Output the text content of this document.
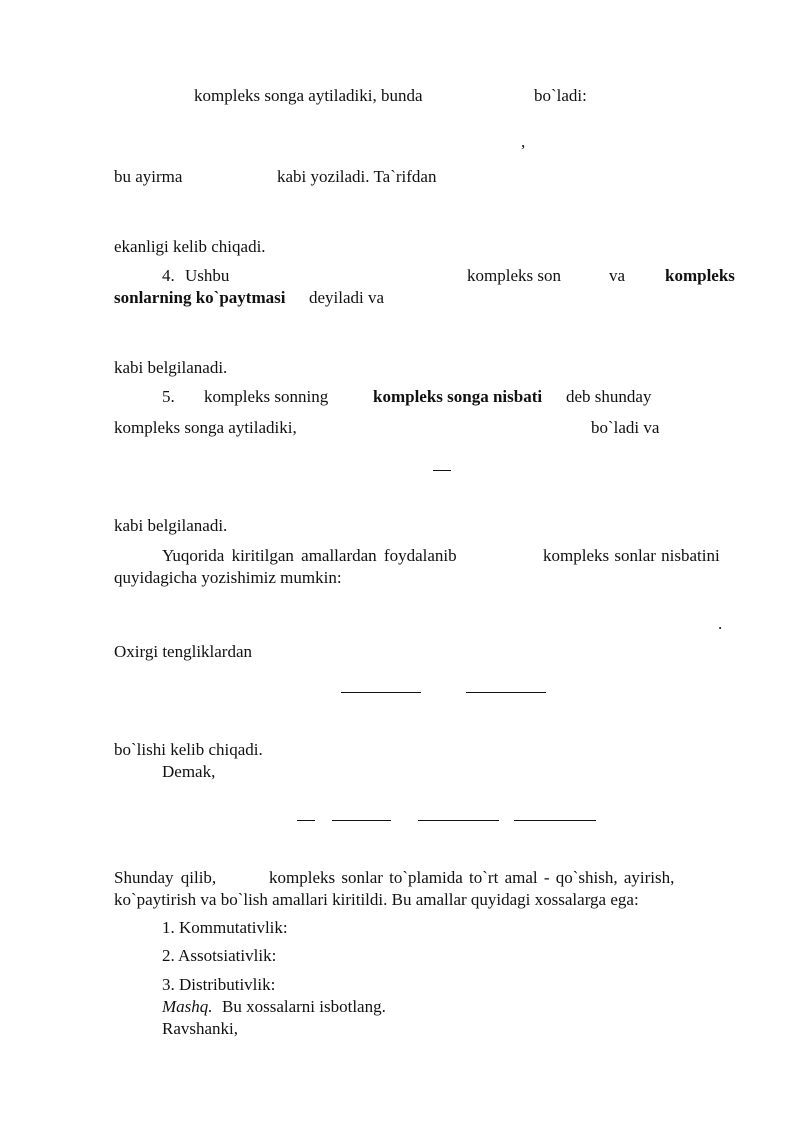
kompleks songa aytiladiki, bunda	bo`ladi:
,
bu ayirma	kabi yoziladi. Ta`rifdan
ekanligi kelib chiqadi.
4. Ushbu	kompleks son	va kompleks
sonlarning ko`paytmasi deyiladi va
kabi belgilanadi.
5. kompleks sonning	kompleks songa nisbati deb shunday
kompleks songa aytiladiki,	bo`ladi va
kabi belgilanadi.
Yuqorida kiritilgan amallardan foydalanib	kompleks sonlar nisbatini
quyidagicha yozishimiz mumkin:
.
Oxirgi tengliklardan
bo`lishi kelib chiqadi.
Demak,
Shunday qilib,	kompleks sonlar to`plamida to`rt amal - qo`shish, ayirish,
ko`paytirish va bo`lish amallari kiritildi. Bu amallar quyidagi xossalarga ega:
1. Kommutativlik:
2. Assotsiativlik:
3. Distributivlik:
Mashq. Bu xossalarni isbotlang.
Ravshanki,
